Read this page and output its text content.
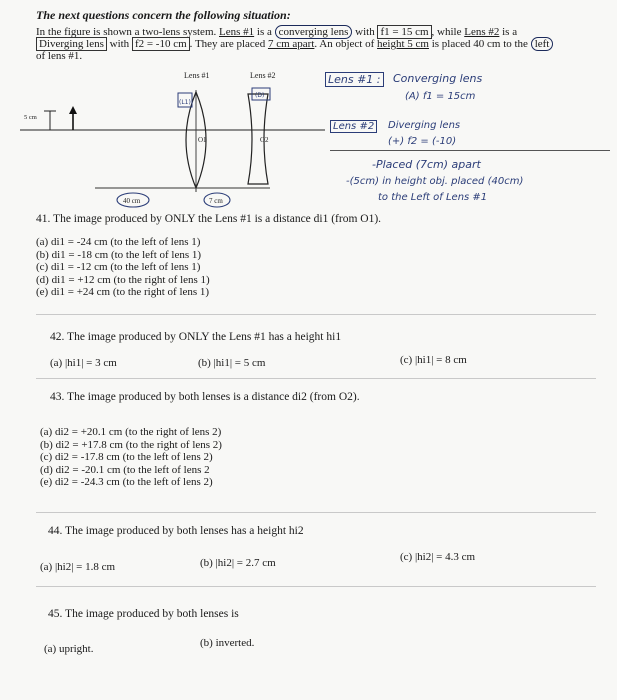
The next questions concern the following situation:
In the figure is shown a two-lens system. Lens #1 is a converging lens with f1 = 15 cm , while Lens #2 is a
Diverging lens with f2 = -10 cm . They are placed 7 cm apart. An object of height 5 cm is placed 40 cm to the left
of lens #1.
Lens #1	Lens #2
5 cm
O1	O2
40 cm	7 cm
(L1)
(D)
Lens #1 : Converging lens
(A) f1 = 15cm
Lens #2	Diverging lens
(+) f2 = (-10)
-Placed (7cm) apart
-(5cm) in height obj. placed (40cm)
to the Left of Lens #1
41. The image produced by ONLY the Lens #1 is a distance di1 (from O1).
(a) di1 = -24 cm (to the left of lens 1)
(b) di1 = -18 cm (to the left of lens 1)
(c) di1 = -12 cm (to the left of lens 1)
(d) di1 = +12 cm (to the right of lens 1)
(e) di1 = +24 cm (to the right of lens 1)
42. The image produced by ONLY the Lens #1 has a height hi1
(a) |hi1| = 3 cm	(b) |hi1| = 5 cm	(c) |hi1| = 8 cm
43. The image produced by both lenses is a distance di2 (from O2).
(a) di2 = +20.1 cm (to the right of lens 2)
(b) di2 = +17.8 cm (to the right of lens 2)
(c) di2 = -17.8 cm (to the left of lens 2)
(d) di2 = -20.1 cm (to the left of lens 2
(e) di2 = -24.3 cm (to the left of lens 2)
44. The image produced by both lenses has a height hi2
(a) |hi2| = 1.8 cm	(b) |hi2| = 2.7 cm	(c) |hi2| = 4.3 cm
45. The image produced by both lenses is
(a) upright.	(b) inverted.
